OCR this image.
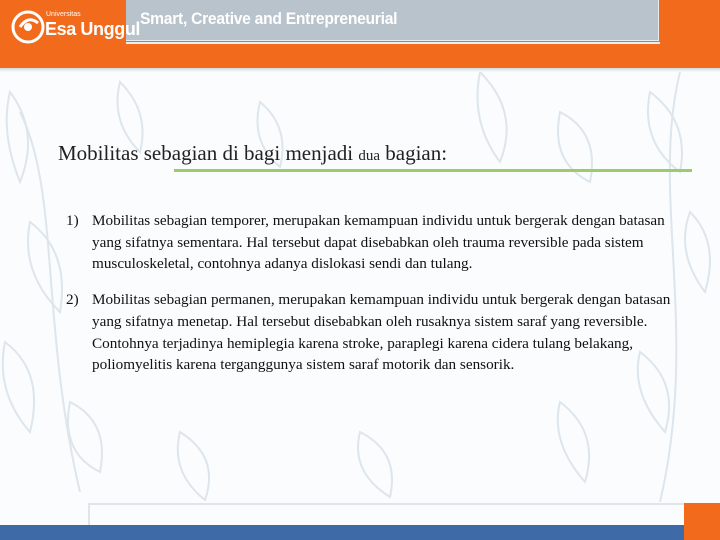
Smart, Creative and Entrepreneurial
Universitas
Esa Unggul
Mobilitas sebagian di bagi menjadi dua bagian:
1) Mobilitas sebagian temporer, merupakan kemampuan individu untuk bergerak dengan batasan yang sifatnya sementara. Hal tersebut dapat disebabkan oleh trauma reversible pada sistem musculoskeletal, contohnya adanya dislokasi sendi dan tulang.
2) Mobilitas sebagian permanen, merupakan kemampuan individu untuk bergerak dengan batasan yang sifatnya menetap. Hal tersebut disebabkan oleh rusaknya sistem saraf yang reversible. Contohnya terjadinya hemiplegia karena stroke, paraplegi karena cidera tulang belakang, poliomyelitis karena terganggunya sistem saraf motorik dan sensorik.
